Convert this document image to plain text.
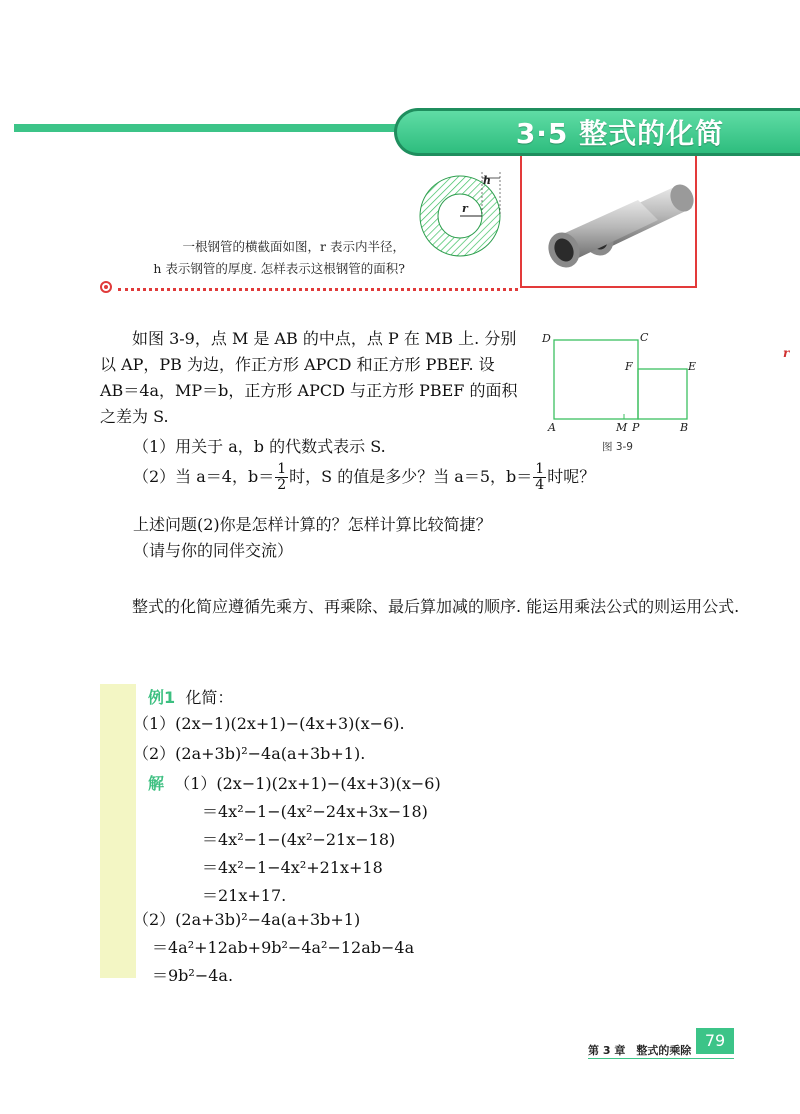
3·5 整式的化简
h
r
一根钢管的横截面如图，r 表示内半径，
h 表示钢管的厚度. 怎样表示这根钢管的面积?
如图 3-9，点 M 是 AB 的中点，点 P 在 MB 上. 分别以 AP，PB 为边，作正方形 APCD 和正方形 PBEF. 设 AB＝4a，MP＝b，正方形 APCD 与正方形 PBEF 的面积之差为 S.
D	C
F	E
A	M P	B
图 3-9
r
（1）用关于 a，b 的代数式表示 S.
（2）当 a＝4，$b= \frac{1}{2}$ 时，S 的值是多少？当 a＝5，$b= \frac{1}{4}$ 时呢？
上述问题(2)你是怎样计算的？怎样计算比较简捷？
（请与你的同伴交流）
整式的化简应遵循先乘方、再乘除、最后算加减的顺序. 能运用乘法公式的则运用公式.
例1 化简：
（1）(2x−1)(2x+1)−(4x+3)(x−6).
（2）(2a+3b)²−4a(a+3b+1).
解 （1）(2x−1)(2x+1)−(4x+3)(x−6)
＝4x²−1−(4x²−24x+3x−18)
＝4x²−1−(4x²−21x−18)
＝4x²−1−4x²+21x+18
＝21x+17.
（2）(2a+3b)²−4a(a+3b+1)
＝4a²+12ab+9b²−4a²−12ab−4a
＝9b²−4a.
第 3 章　整式的乘除
79
